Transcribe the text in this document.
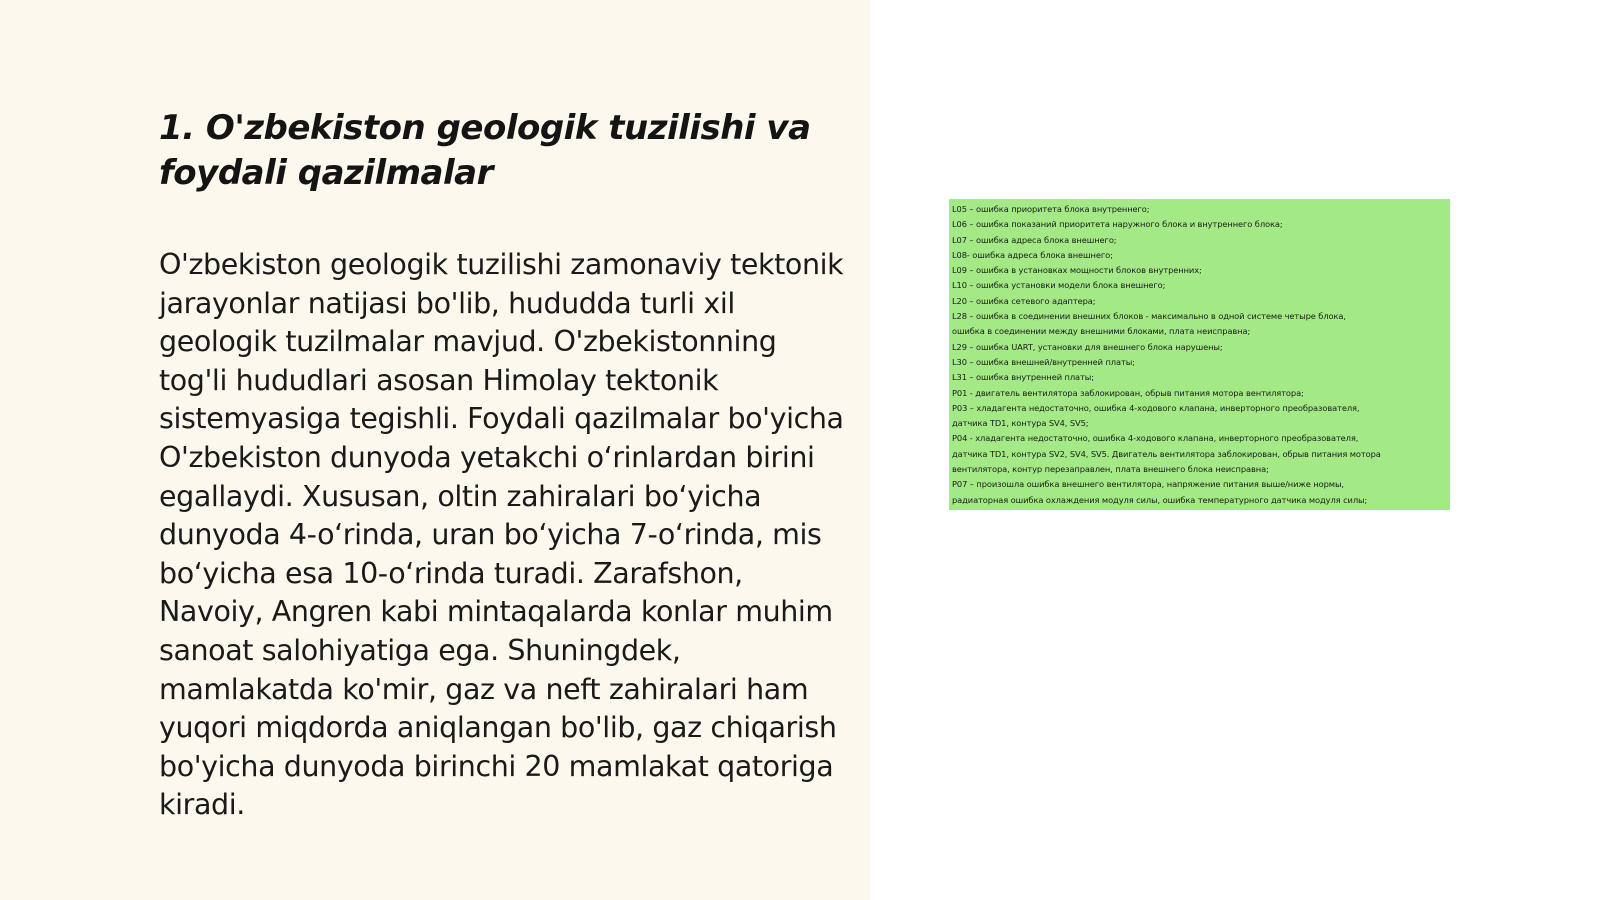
1. O'zbekiston geologik tuzilishi va foydali qazilmalar

O'zbekiston geologik tuzilishi zamonaviy tektonik jarayonlar natijasi bo'lib, hududda turli xil geologik tuzilmalar mavjud. O'zbekistonning tog'li hududlari asosan Himolay tektonik sistemyasiga tegishli. Foydali qazilmalar bo'yicha O'zbekiston dunyoda yetakchi o‘rinlardan birini egallaydi. Xususan, oltin zahiralari bo‘yicha dunyoda 4-o‘rinda, uran bo‘yicha 7-o‘rinda, mis bo‘yicha esa 10-o‘rinda turadi. Zarafshon, Navoiy, Angren kabi mintaqalarda konlar muhim sanoat salohiyatiga ega. Shuningdek, mamlakatda ko'mir, gaz va neft zahiralari ham yuqori miqdorda aniqlangan bo'lib, gaz chiqarish bo'yicha dunyoda birinchi 20 mamlakat qatoriga kiradi.

L05 – ошибка приоритета блока внутреннего;
L06 – ошибка показаний приоритета наружного блока и внутреннего блока;
L07 – ошибка адреса блока внешнего;
L08- ошибка адреса блока внешнего;
L09 – ошибка в установках мощности блоков внутренних;
L10 – ошибка установки модели блока внешнего;
L20 – ошибка сетевого адаптера;
L28 – ошибка в соединении внешних блоков - максимально в одной системе четыре блока,
ошибка в соединении между внешними блоками, плата неисправна;
L29 – ошибка UART, установки для внешнего блока нарушены;
L30 – ошибка внешней/внутренней платы;
L31 – ошибка внутренней платы;
P01 - двигатель вентилятора заблокирован, обрыв питания мотора вентилятора;
P03 – хладагента недостаточно, ошибка 4-ходового клапана, инверторного преобразователя,
датчика TD1, контура SV4, SV5;
P04 - хладагента недостаточно, ошибка 4-ходового клапана, инверторного преобразователя,
датчика TD1, контура SV2, SV4, SV5. Двигатель вентилятора заблокирован, обрыв питания мотора
вентилятора, контур перезаправлен, плата внешнего блока неисправна;
P07 – произошла ошибка внешнего вентилятора, напряжение питания выше/ниже нормы,
радиаторная ошибка охлаждения модуля силы, ошибка температурного датчика модуля силы;
